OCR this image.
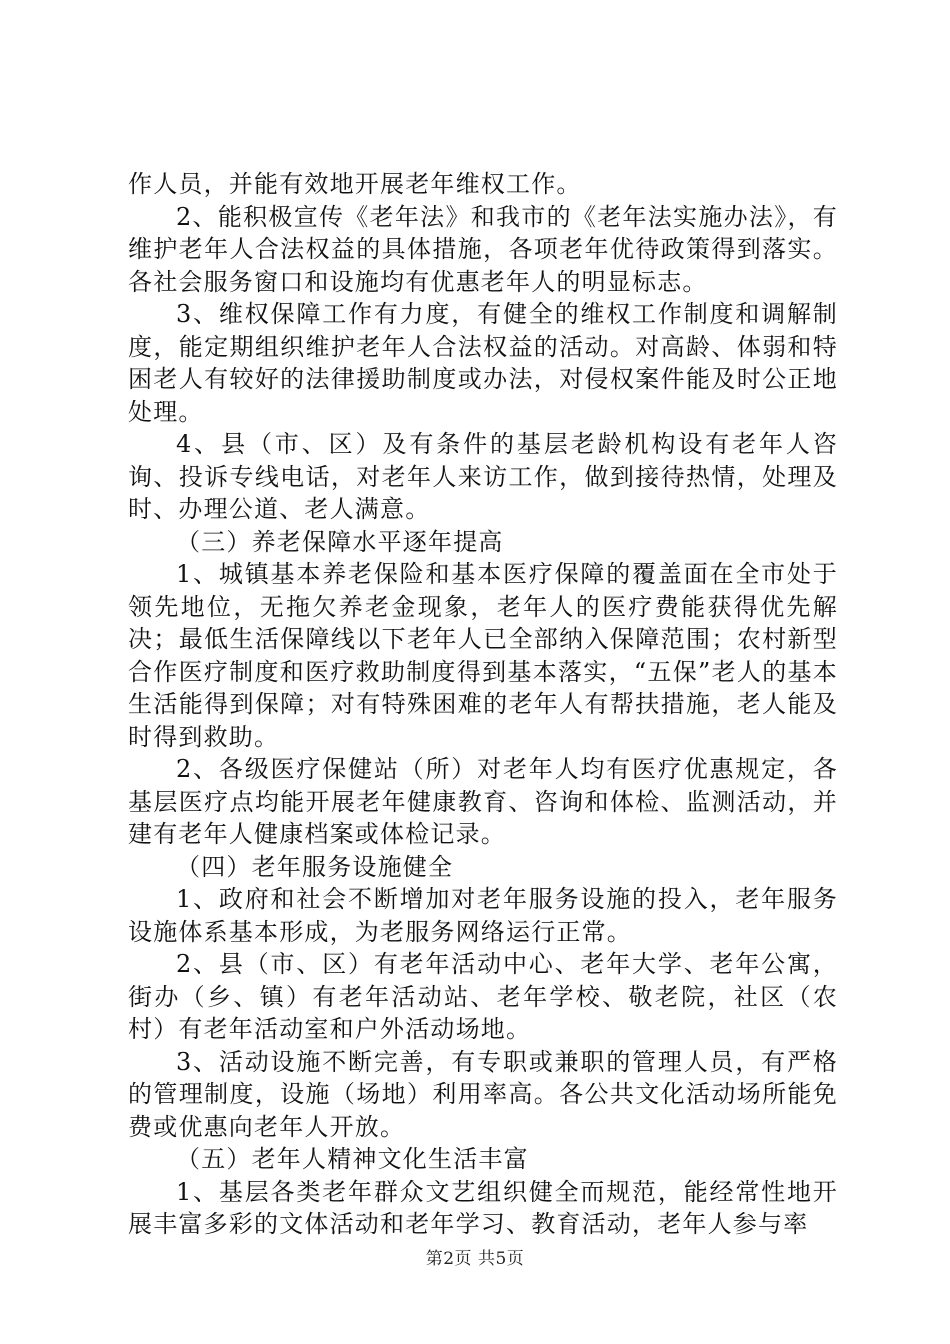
作人员，并能有效地开展老年维权工作。

2、能积极宣传《老年法》和我市的《老年法实施办法》，有维护老年人合法权益的具体措施，各项老年优待政策得到落实。各社会服务窗口和设施均有优惠老年人的明显标志。

3、维权保障工作有力度，有健全的维权工作制度和调解制度，能定期组织维护老年人合法权益的活动。对高龄、体弱和特困老人有较好的法律援助制度或办法，对侵权案件能及时公正地处理。

4、县（市、区）及有条件的基层老龄机构设有老年人咨询、投诉专线电话，对老年人来访工作，做到接待热情，处理及时、办理公道、老人满意。

（三）养老保障水平逐年提高

1、城镇基本养老保险和基本医疗保障的覆盖面在全市处于领先地位，无拖欠养老金现象，老年人的医疗费能获得优先解决；最低生活保障线以下老年人已全部纳入保障范围；农村新型合作医疗制度和医疗救助制度得到基本落实，“五保”老人的基本生活能得到保障；对有特殊困难的老年人有帮扶措施，老人能及时得到救助。

2、各级医疗保健站（所）对老年人均有医疗优惠规定，各基层医疗点均能开展老年健康教育、咨询和体检、监测活动，并建有老年人健康档案或体检记录。

（四）老年服务设施健全

1、政府和社会不断增加对老年服务设施的投入，老年服务设施体系基本形成，为老服务网络运行正常。

2、县（市、区）有老年活动中心、老年大学、老年公寓，街办（乡、镇）有老年活动站、老年学校、敬老院，社区（农村）有老年活动室和户外活动场地。

3、活动设施不断完善，有专职或兼职的管理人员，有严格的管理制度，设施（场地）利用率高。各公共文化活动场所能免费或优惠向老年人开放。

（五）老年人精神文化生活丰富

1、基层各类老年群众文艺组织健全而规范，能经常性地开展丰富多彩的文体活动和老年学习、教育活动，老年人参与率

第2页 共5页
